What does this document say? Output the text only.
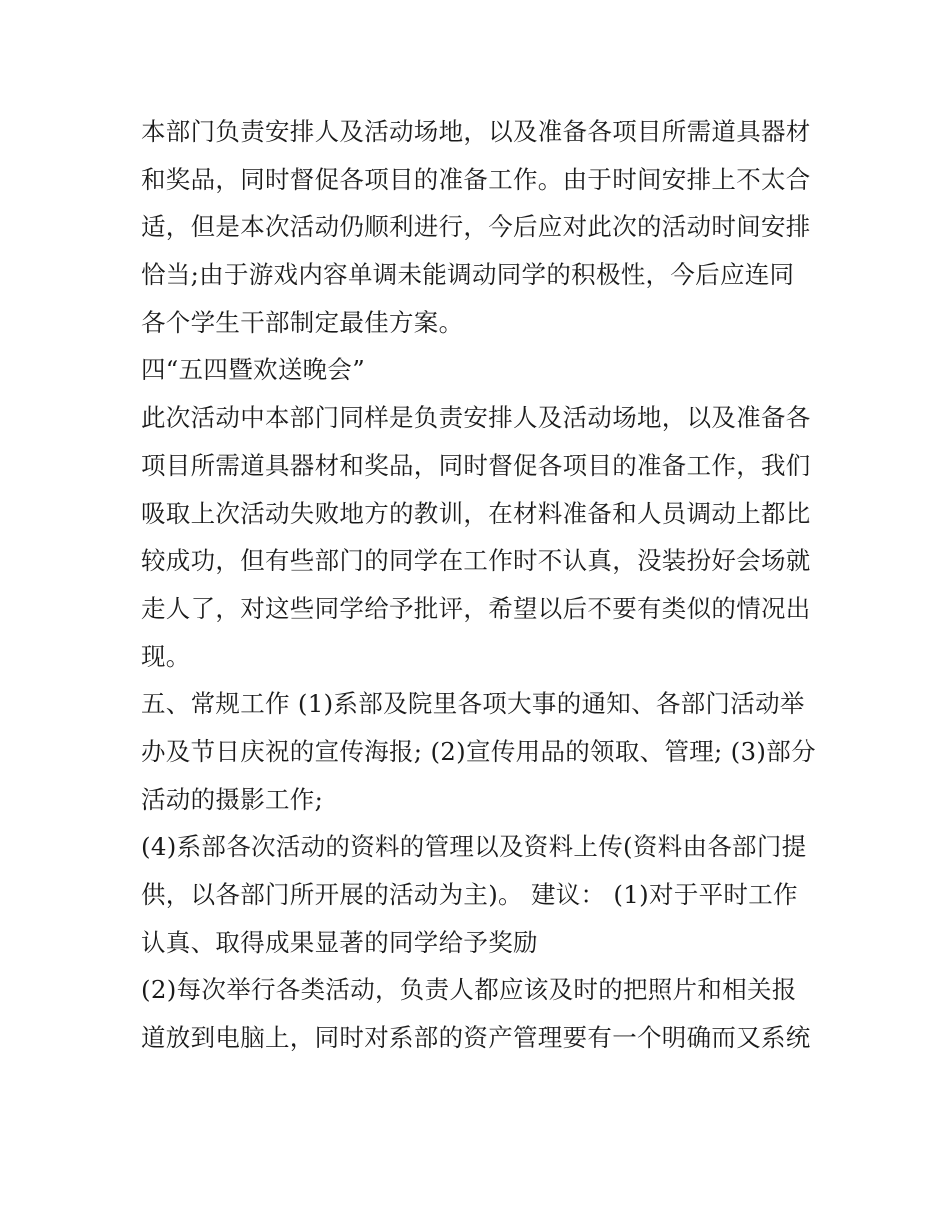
本部门负责安排人及活动场地，以及准备各项目所需道具器材
和奖品，同时督促各项目的准备工作。由于时间安排上不太合
适，但是本次活动仍顺利进行，今后应对此次的活动时间安排
恰当;由于游戏内容单调未能调动同学的积极性，今后应连同
各个学生干部制定最佳方案。
四“五四暨欢送晚会”
此次活动中本部门同样是负责安排人及活动场地，以及准备各
项目所需道具器材和奖品，同时督促各项目的准备工作，我们
吸取上次活动失败地方的教训，在材料准备和人员调动上都比
较成功，但有些部门的同学在工作时不认真，没装扮好会场就
走人了，对这些同学给予批评，希望以后不要有类似的情况出
现。
五、常规工作 (1)系部及院里各项大事的通知、各部门活动举
办及节日庆祝的宣传海报; (2)宣传用品的领取、管理; (3)部分
活动的摄影工作;
(4)系部各次活动的资料的管理以及资料上传(资料由各部门提
供，以各部门所开展的活动为主)。 建议： (1)对于平时工作
认真、取得成果显著的同学给予奖励
(2)每次举行各类活动，负责人都应该及时的把照片和相关报
道放到电脑上，同时对系部的资产管理要有一个明确而又系统
